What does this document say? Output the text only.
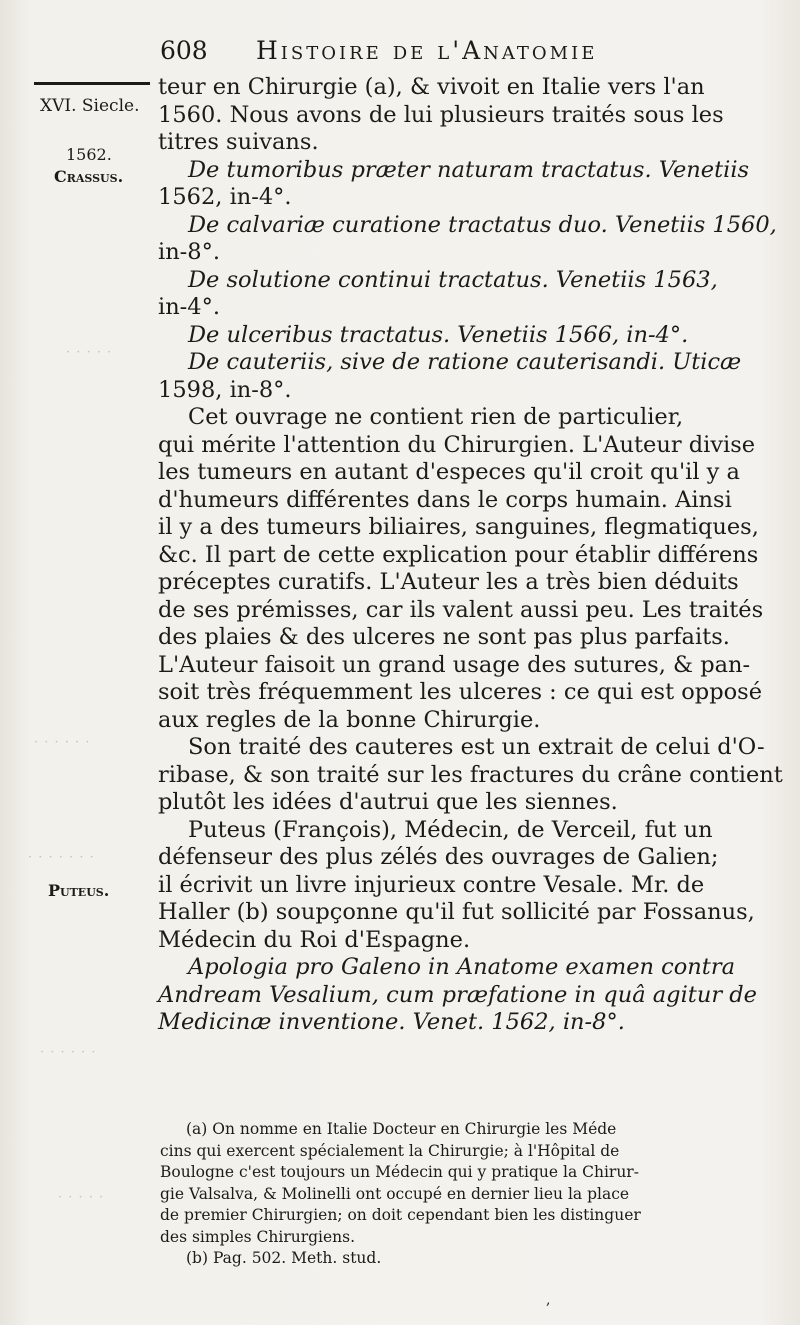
· · · · ·
· · · · · ·
· · · · · · ·
· · · · · ·
· · · · ·
608 Histoire de l'Anatomie
XVI. Siecle.
1562.
Crassus.
Puteus.
teur en Chirurgie (a), & vivoit en Italie vers l'an
1560. Nous avons de lui plusieurs traités sous les
titres suivans.
De tumoribus præter naturam tractatus. Venetiis
1562, in-4°.
De calvariæ curatione tractatus duo. Venetiis 1560,
in-8°.
De solutione continui tractatus. Venetiis 1563,
in-4°.
De ulceribus tractatus. Venetiis 1566, in-4°.
De cauteriis, sive de ratione cauterisandi. Uticæ
1598, in-8°.
Cet ouvrage ne contient rien de particulier,
qui mérite l'attention du Chirurgien. L'Auteur divise
les tumeurs en autant d'especes qu'il croit qu'il y a
d'humeurs différentes dans le corps humain. Ainsi
il y a des tumeurs biliaires, sanguines, flegmatiques,
&c. Il part de cette explication pour établir différens
préceptes curatifs. L'Auteur les a très bien déduits
de ses prémisses, car ils valent aussi peu. Les traités
des plaies & des ulceres ne sont pas plus parfaits.
L'Auteur faisoit un grand usage des sutures, & pan-
soit très fréquemment les ulceres : ce qui est opposé
aux regles de la bonne Chirurgie.
Son traité des cauteres est un extrait de celui d'O-
ribase, & son traité sur les fractures du crâne contient
plutôt les idées d'autrui que les siennes.
Puteus (François), Médecin, de Verceil, fut un
défenseur des plus zélés des ouvrages de Galien;
il écrivit un livre injurieux contre Vesale. Mr. de
Haller (b) soupçonne qu'il fut sollicité par Fossanus,
Médecin du Roi d'Espagne.
Apologia pro Galeno in Anatome examen contra
Andream Vesalium, cum præfatione in quâ agitur de
Medicinæ inventione. Venet. 1562, in-8°.
(a) On nomme en Italie Docteur en Chirurgie les Méde
cins qui exercent spécialement la Chirurgie; à l'Hôpital de
Boulogne c'est toujours un Médecin qui y pratique la Chirur-
gie Valsalva, & Molinelli ont occupé en dernier lieu la place
de premier Chirurgien; on doit cependant bien les distinguer
des simples Chirurgiens.
(b) Pag. 502. Meth. stud.
,
